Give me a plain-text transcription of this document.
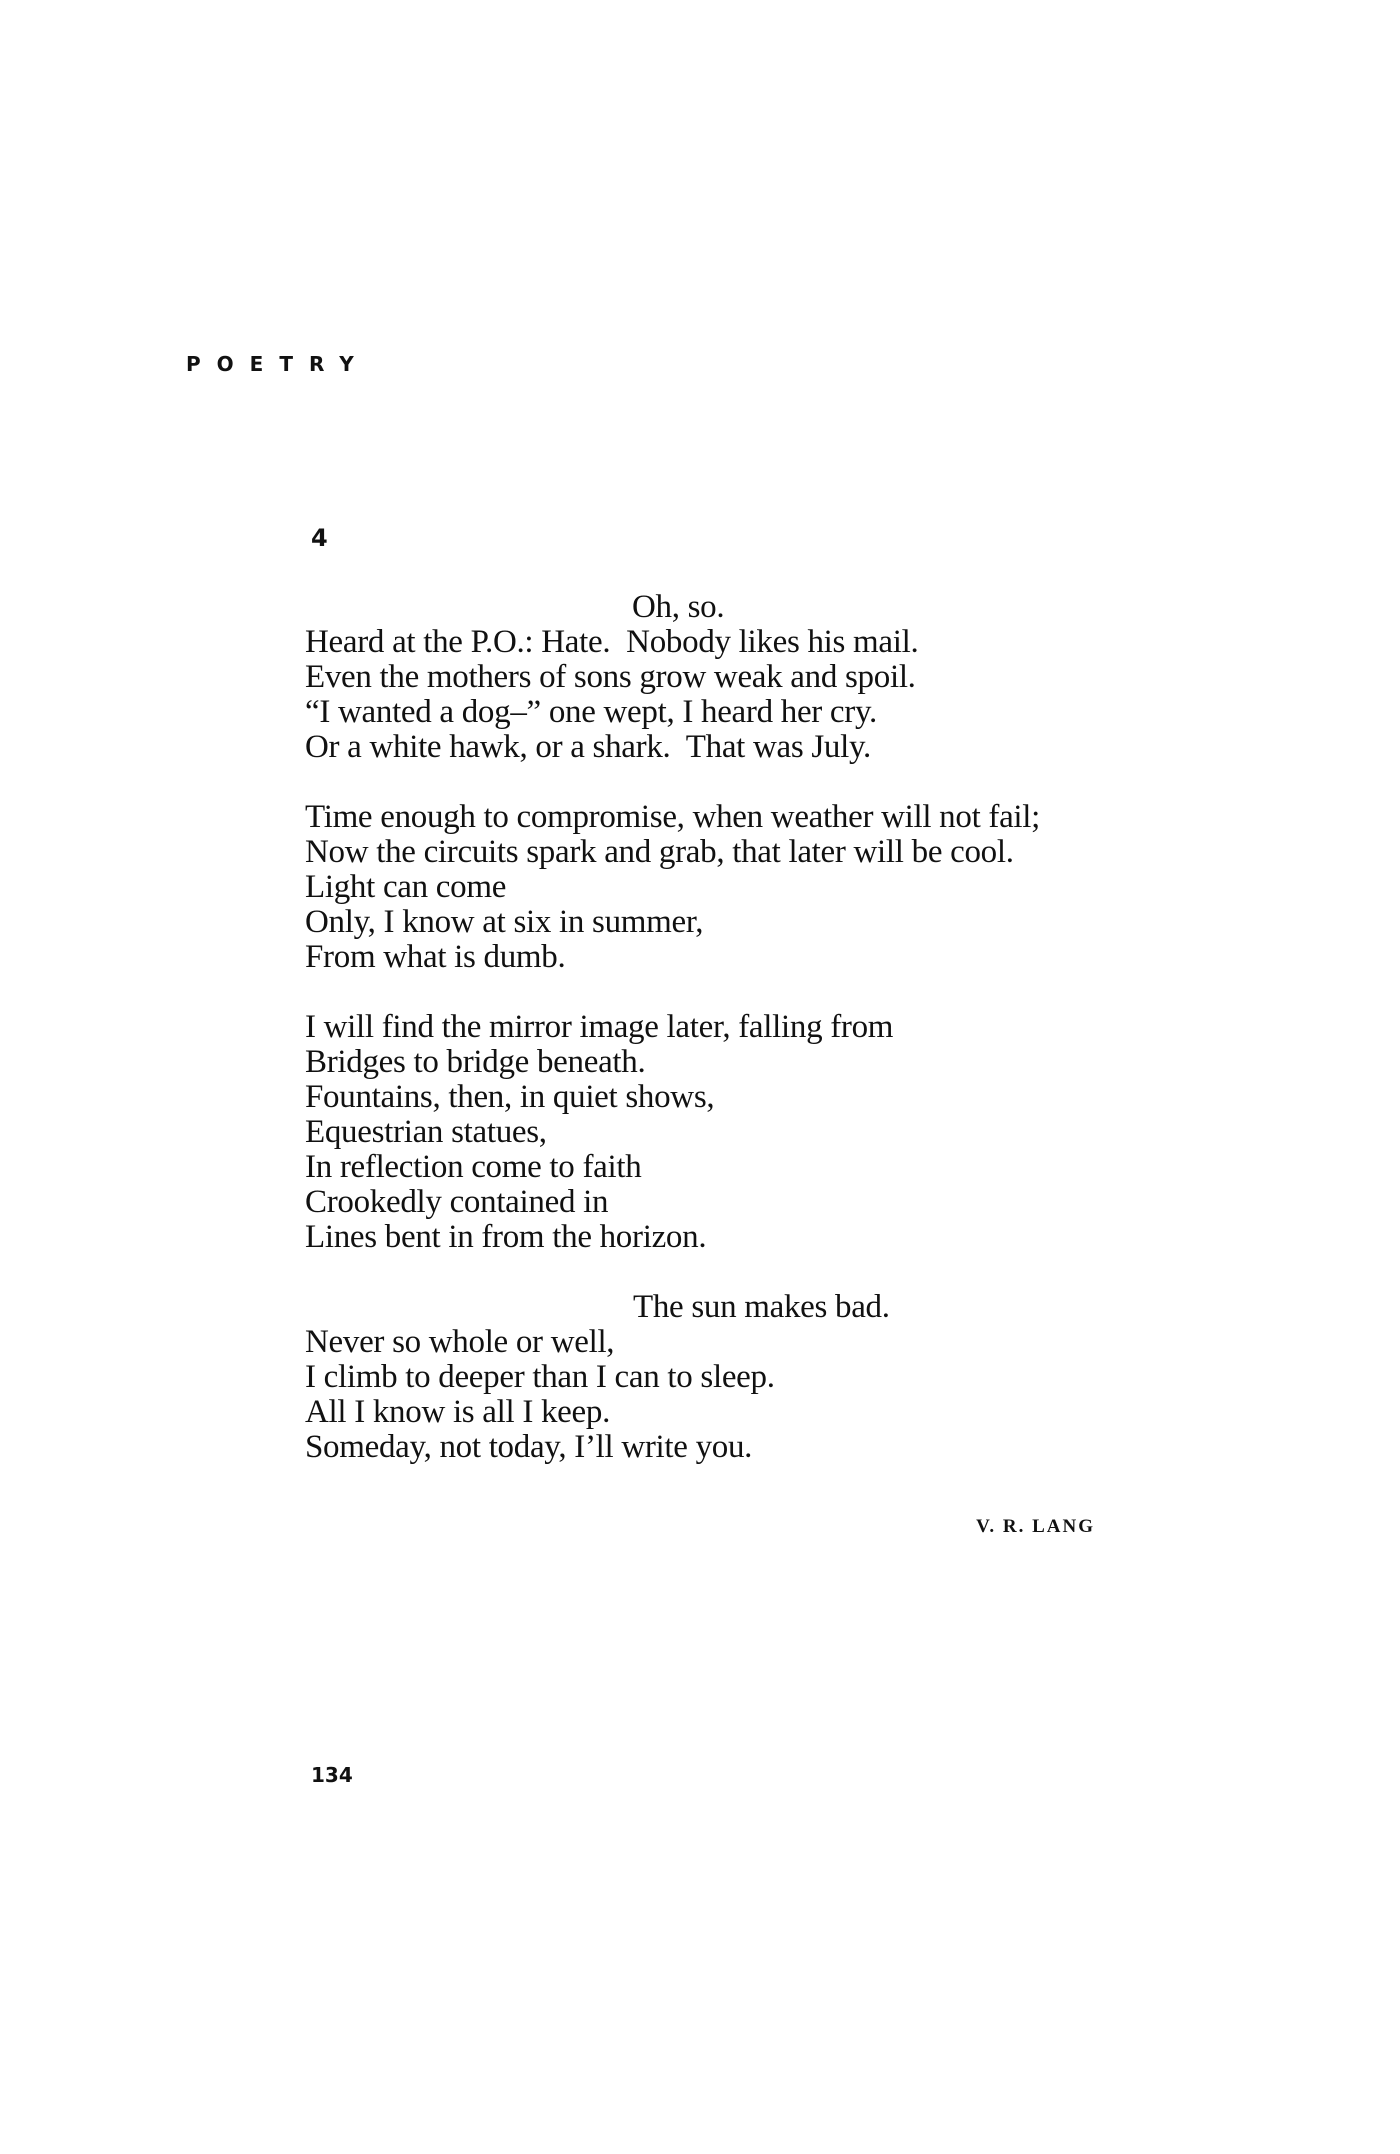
POETRY
4
Oh, so.
Heard at the P.O.: Hate.  Nobody likes his mail.
Even the mothers of sons grow weak and spoil.
“I wanted a dog–” one wept, I heard her cry.
Or a white hawk, or a shark.  That was July.
Time enough to compromise, when weather will not fail;
Now the circuits spark and grab, that later will be cool.
Light can come
Only, I know at six in summer,
From what is dumb.
I will find the mirror image later, falling from
Bridges to bridge beneath.
Fountains, then, in quiet shows,
Equestrian statues,
In reflection come to faith
Crookedly contained in
Lines bent in from the horizon.
The sun makes bad.
Never so whole or well,
I climb to deeper than I can to sleep.
All I know is all I keep.
Someday, not today, I’ll write you.
V. R. LANG
134
